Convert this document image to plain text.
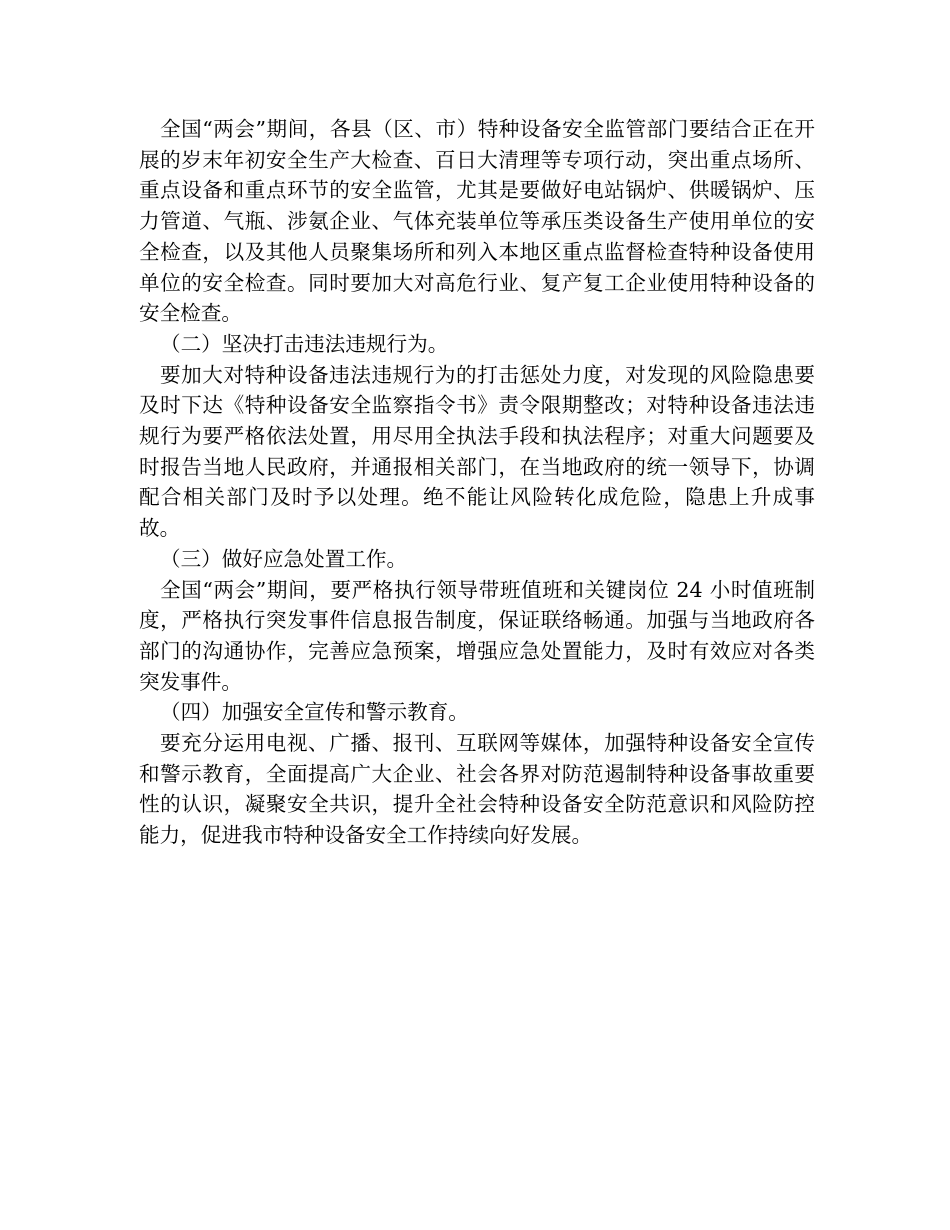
全国“两会”期间，各县（区、市）特种设备安全监管部门要结合正在开展的岁末年初安全生产大检查、百日大清理等专项行动，突出重点场所、重点设备和重点环节的安全监管，尤其是要做好电站锅炉、供暖锅炉、压力管道、气瓶、涉氨企业、气体充装单位等承压类设备生产使用单位的安全检查，以及其他人员聚集场所和列入本地区重点监督检查特种设备使用单位的安全检查。同时要加大对高危行业、复产复工企业使用特种设备的安全检查。

（二）坚决打击违法违规行为。

要加大对特种设备违法违规行为的打击惩处力度，对发现的风险隐患要及时下达《特种设备安全监察指令书》责令限期整改；对特种设备违法违规行为要严格依法处置，用尽用全执法手段和执法程序；对重大问题要及时报告当地人民政府，并通报相关部门，在当地政府的统一领导下，协调配合相关部门及时予以处理。绝不能让风险转化成危险，隐患上升成事故。

（三）做好应急处置工作。

全国“两会”期间，要严格执行领导带班值班和关键岗位 24 小时值班制度，严格执行突发事件信息报告制度，保证联络畅通。加强与当地政府各部门的沟通协作，完善应急预案，增强应急处置能力，及时有效应对各类突发事件。

（四）加强安全宣传和警示教育。

要充分运用电视、广播、报刊、互联网等媒体，加强特种设备安全宣传和警示教育，全面提高广大企业、社会各界对防范遏制特种设备事故重要性的认识，凝聚安全共识，提升全社会特种设备安全防范意识和风险防控能力，促进我市特种设备安全工作持续向好发展。
